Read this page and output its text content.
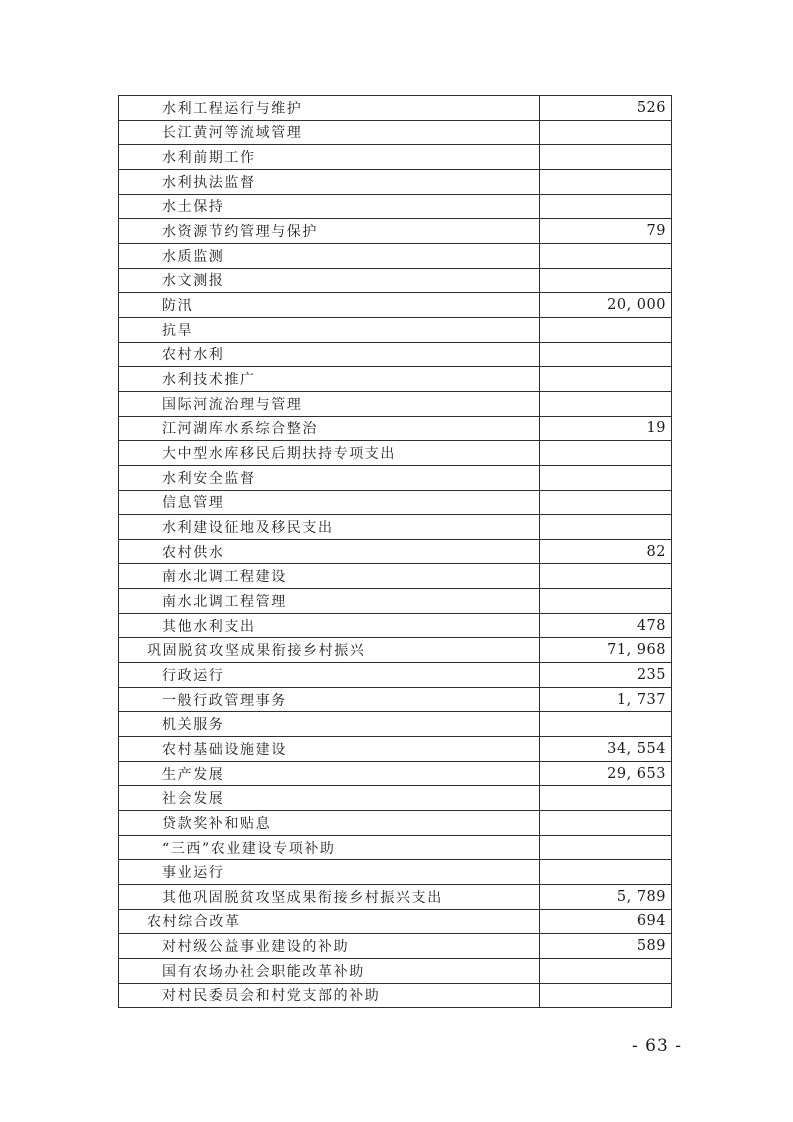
水利工程运行与维护	526
长江黄河等流域管理
水利前期工作
水利执法监督
水土保持
水资源节约管理与保护	79
水质监测
水文测报
防汛	20, 000
抗旱
农村水利
水利技术推广
国际河流治理与管理
江河湖库水系综合整治	19
大中型水库移民后期扶持专项支出
水利安全监督
信息管理
水利建设征地及移民支出
农村供水	82
南水北调工程建设
南水北调工程管理
其他水利支出	478
巩固脱贫攻坚成果衔接乡村振兴	71, 968
行政运行	235
一般行政管理事务	1, 737
机关服务
农村基础设施建设	34, 554
生产发展	29, 653
社会发展
贷款奖补和贴息
“三西”农业建设专项补助
事业运行
其他巩固脱贫攻坚成果衔接乡村振兴支出	5, 789
农村综合改革	694
对村级公益事业建设的补助	589
国有农场办社会职能改革补助
对村民委员会和村党支部的补助
- 63 -
